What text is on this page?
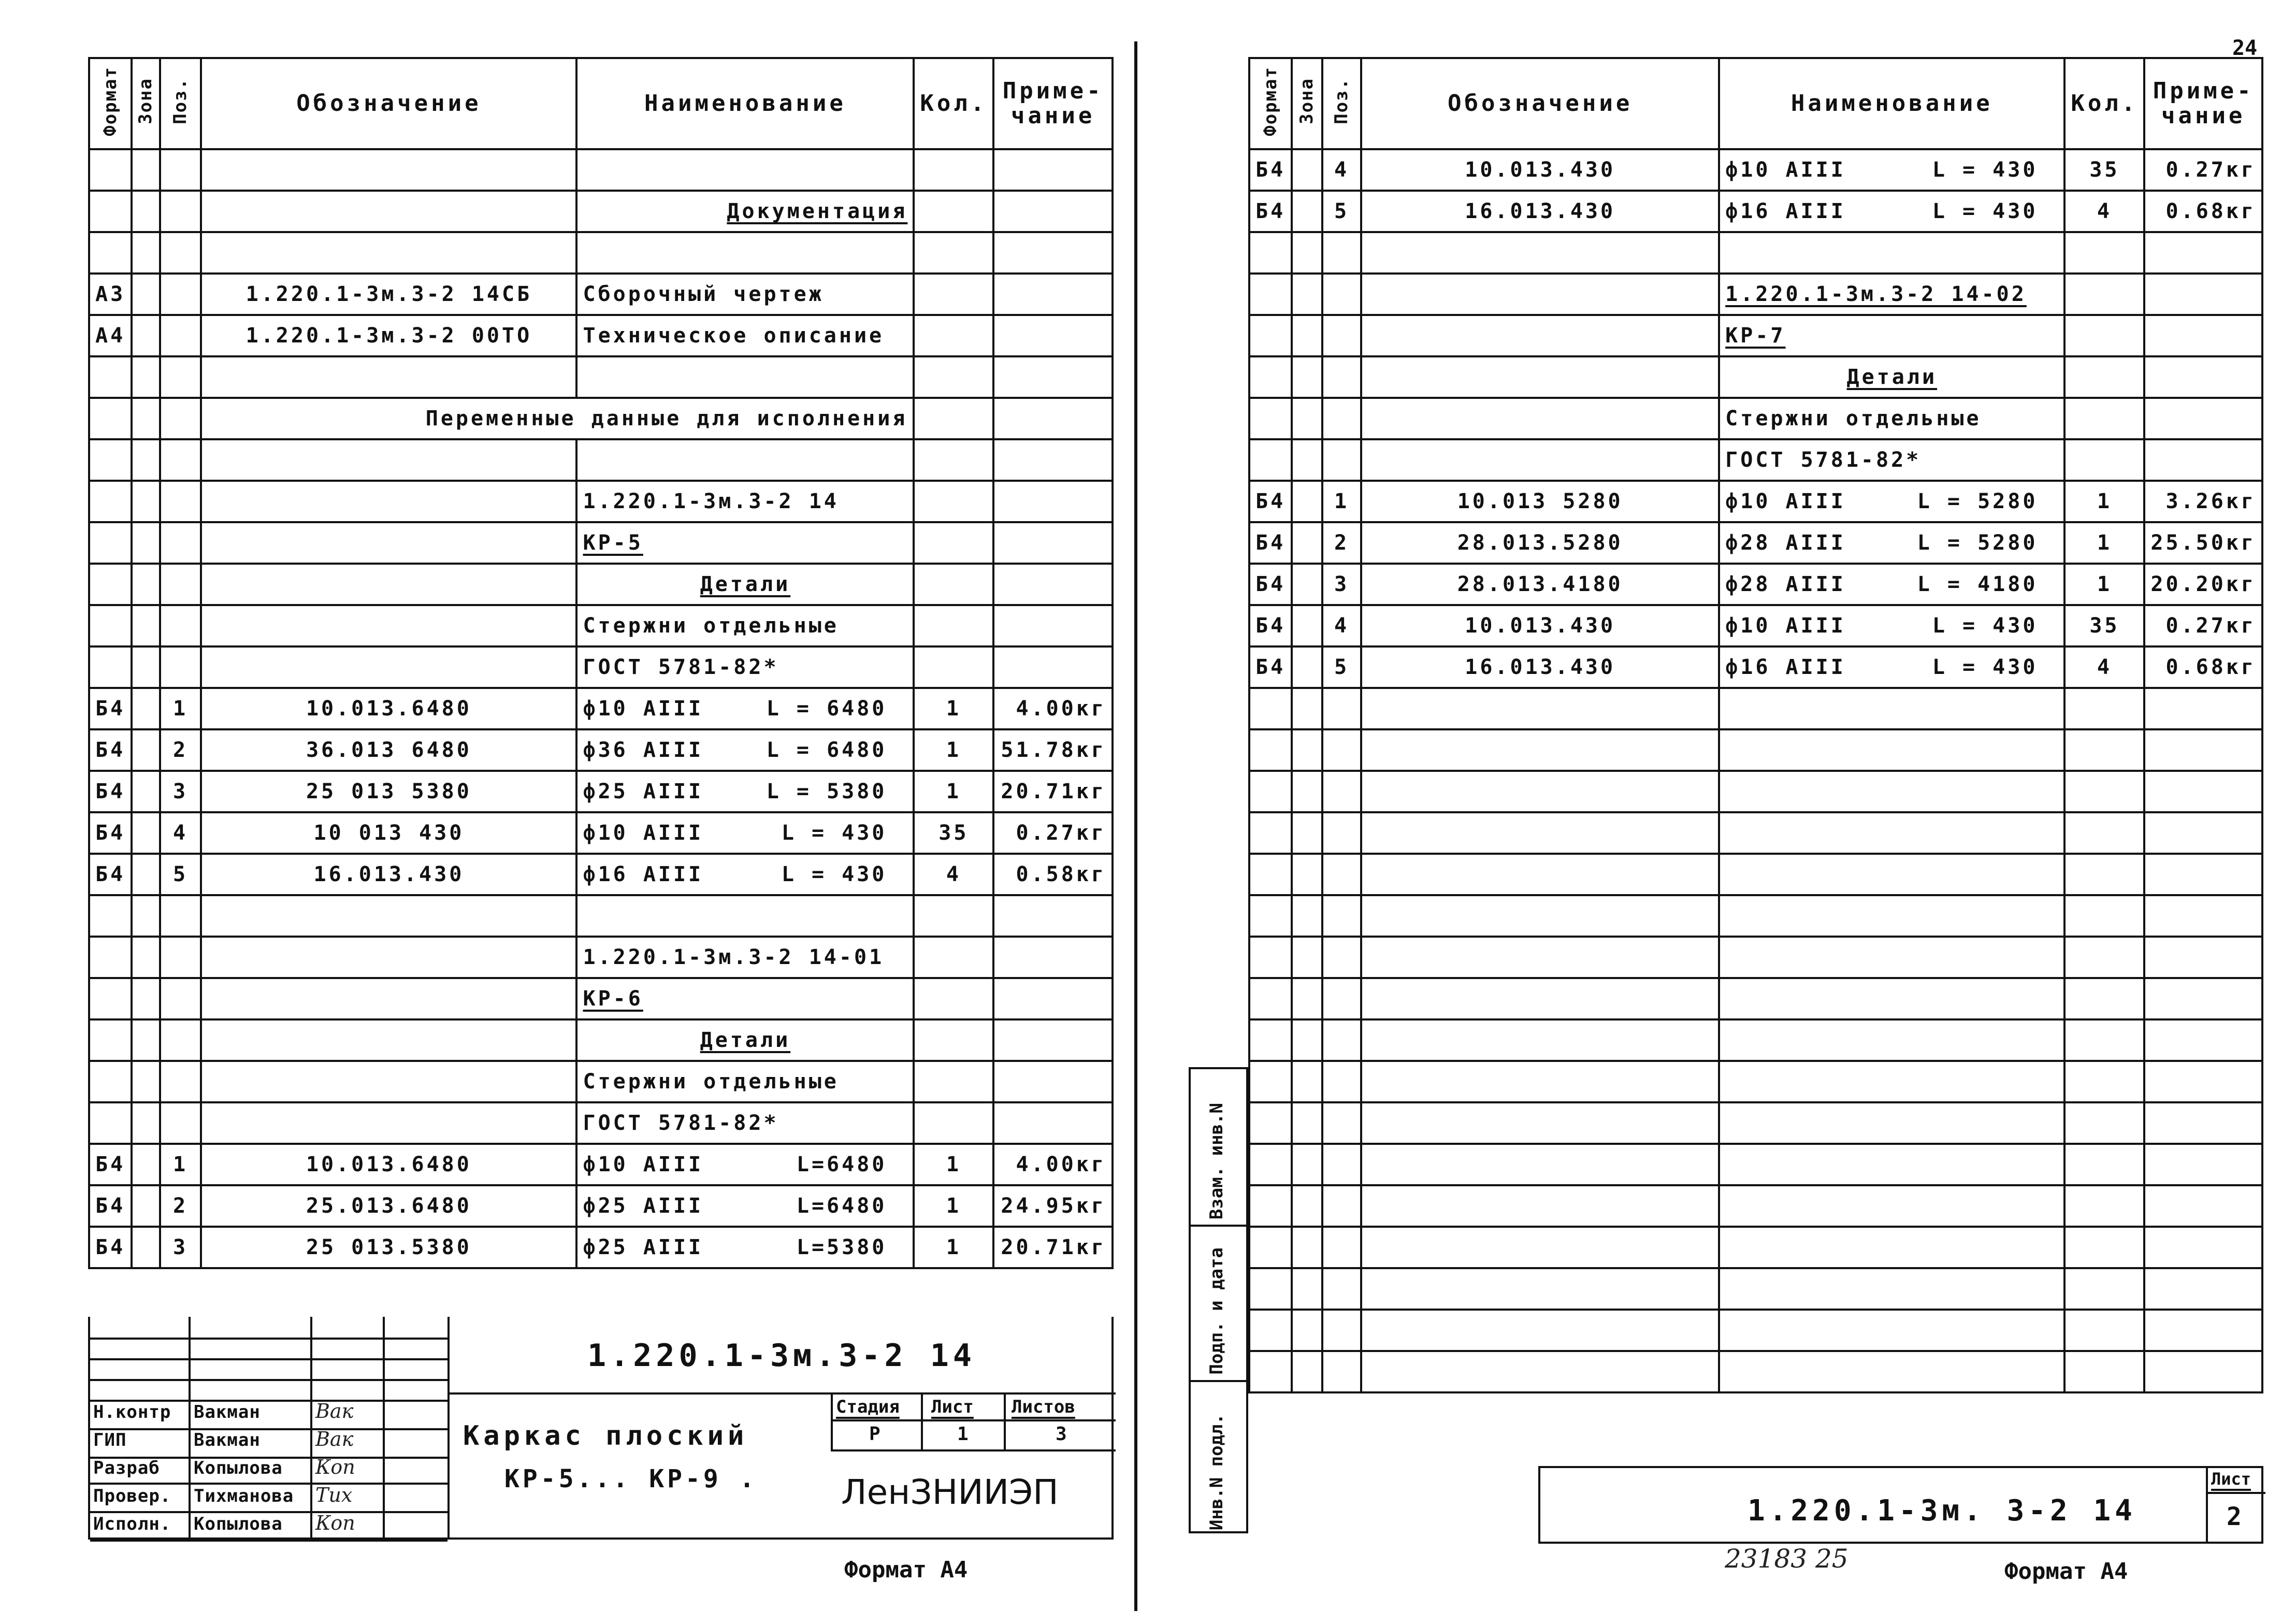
Формат	Зона	Поз.	Обозначение	Наименование	Кол.	Приме-чание

				Документация		

А3			1.220.1-3м.3-2 14СБ	Сборочный чертеж		
А4			1.220.1-3м.3-2 00ТО	Техническое описание		

			Переменные данные для исполнения			

				1.220.1-3м.3-2 14		
				КР-5		
				Детали		
				Стержни отдельные		
				ГОСТ 5781-82*		
Б4		1	10.013.6480	ф10 АIII L = 6480	1	4.00кг
Б4		2	36.013 6480	ф36 АIII L = 6480	1	51.78кг
Б4		3	25 013 5380	ф25 АIII L = 5380	1	20.71кг
Б4		4	10 013 430	ф10 АIII L = 430	35	0.27кг
Б4		5	16.013.430	ф16 АIII L = 430	4	0.58кг

				1.220.1-3м.3-2 14-01		
				КР-6		
				Детали		
				Стержни отдельные		
				ГОСТ 5781-82*		
Б4		1	10.013.6480	ф10 АIII L=6480	1	4.00кг
Б4		2	25.013.6480	ф25 АIII L=6480	1	24.95кг
Б4		3	25 013.5380	ф25 АIII L=5380	1	20.71кг
Н.контр Вакман	Вак
ГИП	Вакман	Вак
Разраб Копылова Коп
Провер. Тихманова Тих
Исполн. Копылова Коп
1.220.1-3м.3-2 14
Каркас плоский
КР-5... КР-9 .
Стадия Лист Листов
Р	1	3
ЛенЗНИИЭП
Формат А4
24
Формат	Зона	Поз.	Обозначение	Наименование	Кол.	Приме-чание
Б4		4	10.013.430	ф10 АIII L = 430	35	0.27кг
Б4		5	16.013.430	ф16 АIII L = 430	4	0.68кг

				1.220.1-3м.3-2 14-02		
				КР-7		
				Детали		
				Стержни отдельные		
				ГОСТ 5781-82*		
Б4		1	10.013 5280	ф10 АIII L = 5280	1	3.26кг
Б4		2	28.013.5280	ф28 АIII L = 5280	1	25.50кг
Б4		3	28.013.4180	ф28 АIII L = 4180	1	20.20кг
Б4		4	10.013.430	ф10 АIII L = 430	35	0.27кг
Б4		5	16.013.430	ф16 АIII L = 430	4	0.68кг

Взам. инв.N
Подп. и дата
Инв.N подл.	1.220.1-3м. 3-2 14
Лист
2
23183 25	Формат А4
